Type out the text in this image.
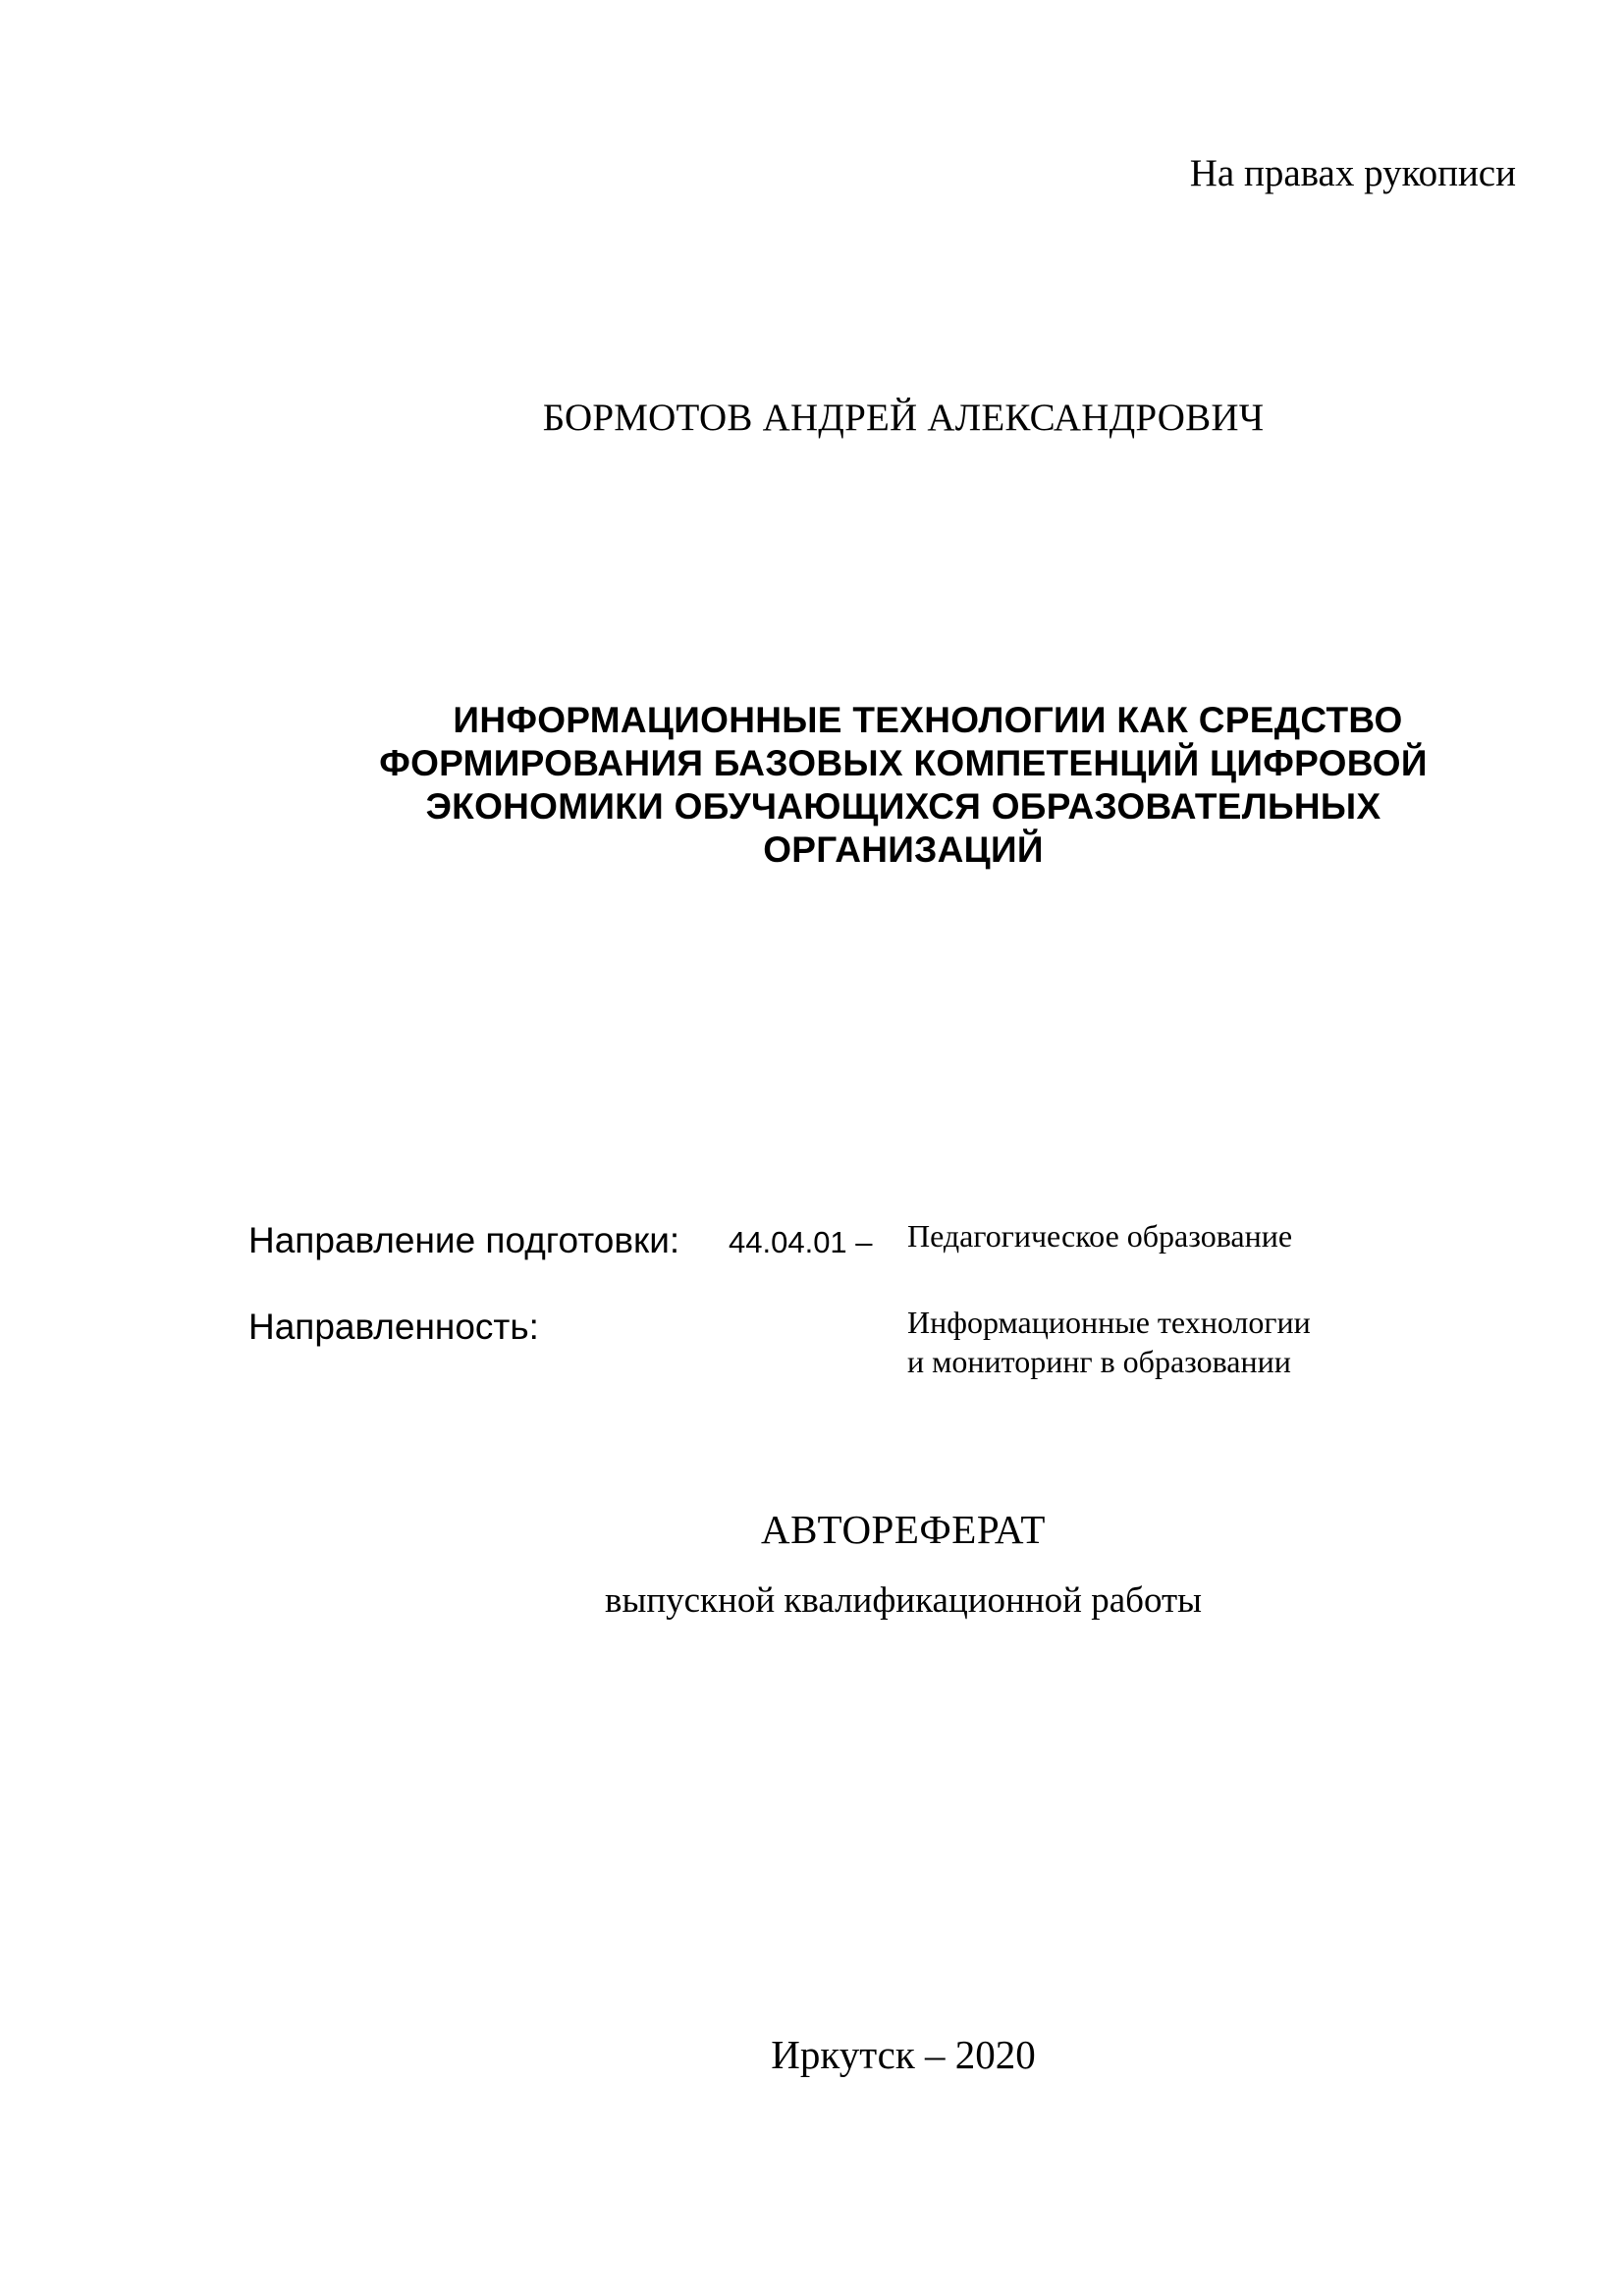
На правах рукописи
БОРМОТОВ АНДРЕЙ АЛЕКСАНДРОВИЧ
ИНФОРМАЦИОННЫЕ ТЕХНОЛОГИИ КАК СРЕДСТВО
ФОРМИРОВАНИЯ БАЗОВЫХ КОМПЕТЕНЦИЙ ЦИФРОВОЙ
ЭКОНОМИКИ ОБУЧАЮЩИХСЯ ОБРАЗОВАТЕЛЬНЫХ
ОРГАНИЗАЦИЙ
Направление подготовки: 44.04.01 – Педагогическое образование
Направленность:	Информационные технологии
и мониторинг в образовании
АВТОРЕФЕРАТ
выпускной квалификационной работы
Иркутск – 2020
